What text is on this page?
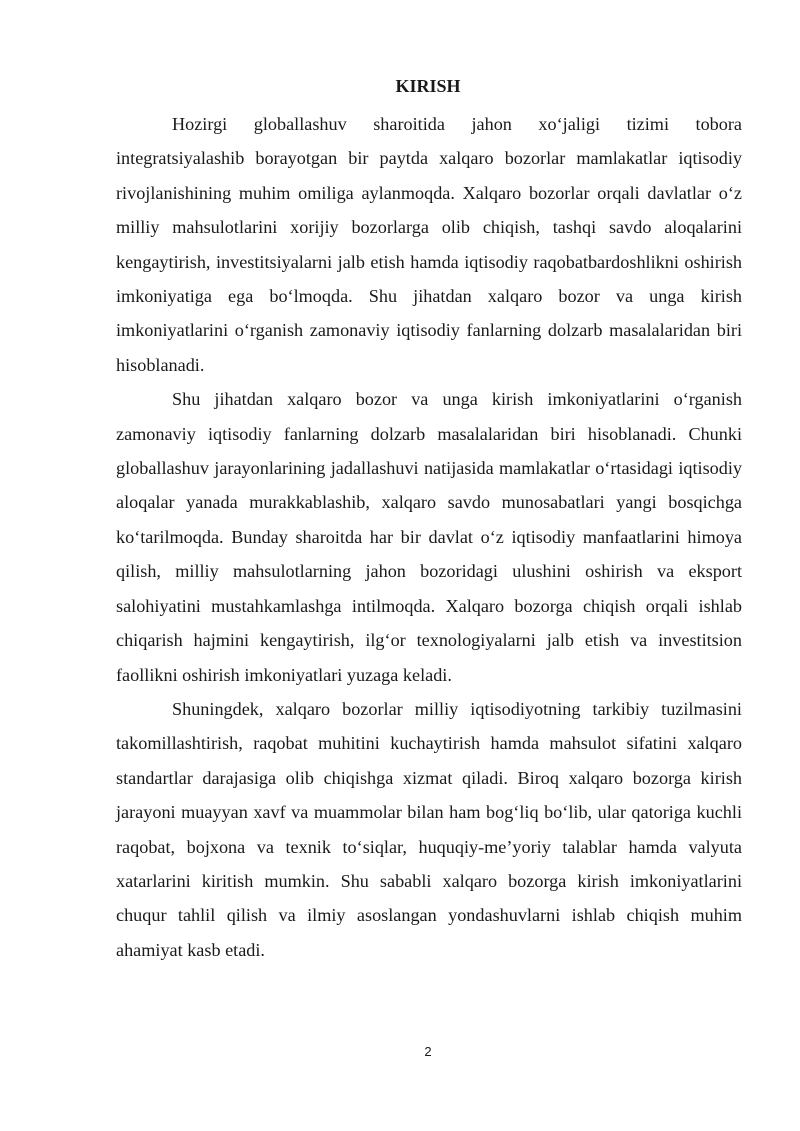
KIRISH

Hozirgi globallashuv sharoitida jahon xo‘jaligi tizimi tobora integratsiyalashib borayotgan bir paytda xalqaro bozorlar mamlakatlar iqtisodiy rivojlanishining muhim omiliga aylanmoqda. Xalqaro bozorlar orqali davlatlar o‘z milliy mahsulotlarini xorijiy bozorlarga olib chiqish, tashqi savdo aloqalarini kengaytirish, investitsiyalarni jalb etish hamda iqtisodiy raqobatbardoshlikni oshirish imkoniyatiga ega bo‘lmoqda. Shu jihatdan xalqaro bozor va unga kirish imkoniyatlarini o‘rganish zamonaviy iqtisodiy fanlarning dolzarb masalalaridan biri hisoblanadi.

Shu jihatdan xalqaro bozor va unga kirish imkoniyatlarini o‘rganish zamonaviy iqtisodiy fanlarning dolzarb masalalaridan biri hisoblanadi. Chunki globallashuv jarayonlarining jadallashuvi natijasida mamlakatlar o‘rtasidagi iqtisodiy aloqalar yanada murakkablashib, xalqaro savdo munosabatlari yangi bosqichga ko‘tarilmoqda. Bunday sharoitda har bir davlat o‘z iqtisodiy manfaatlarini himoya qilish, milliy mahsulotlarning jahon bozoridagi ulushini oshirish va eksport salohiyatini mustahkamlashga intilmoqda. Xalqaro bozorga chiqish orqali ishlab chiqarish hajmini kengaytirish, ilg‘or texnologiyalarni jalb etish va investitsion faollikni oshirish imkoniyatlari yuzaga keladi.

Shuningdek, xalqaro bozorlar milliy iqtisodiyotning tarkibiy tuzilmasini takomillashtirish, raqobat muhitini kuchaytirish hamda mahsulot sifatini xalqaro standartlar darajasiga olib chiqishga xizmat qiladi. Biroq xalqaro bozorga kirish jarayoni muayyan xavf va muammolar bilan ham bog‘liq bo‘lib, ular qatoriga kuchli raqobat, bojxona va texnik to‘siqlar, huquqiy-me’yoriy talablar hamda valyuta xatarlarini kiritish mumkin. Shu sababli xalqaro bozorga kirish imkoniyatlarini chuqur tahlil qilish va ilmiy asoslangan yondashuvlarni ishlab chiqish muhim ahamiyat kasb etadi.

2
